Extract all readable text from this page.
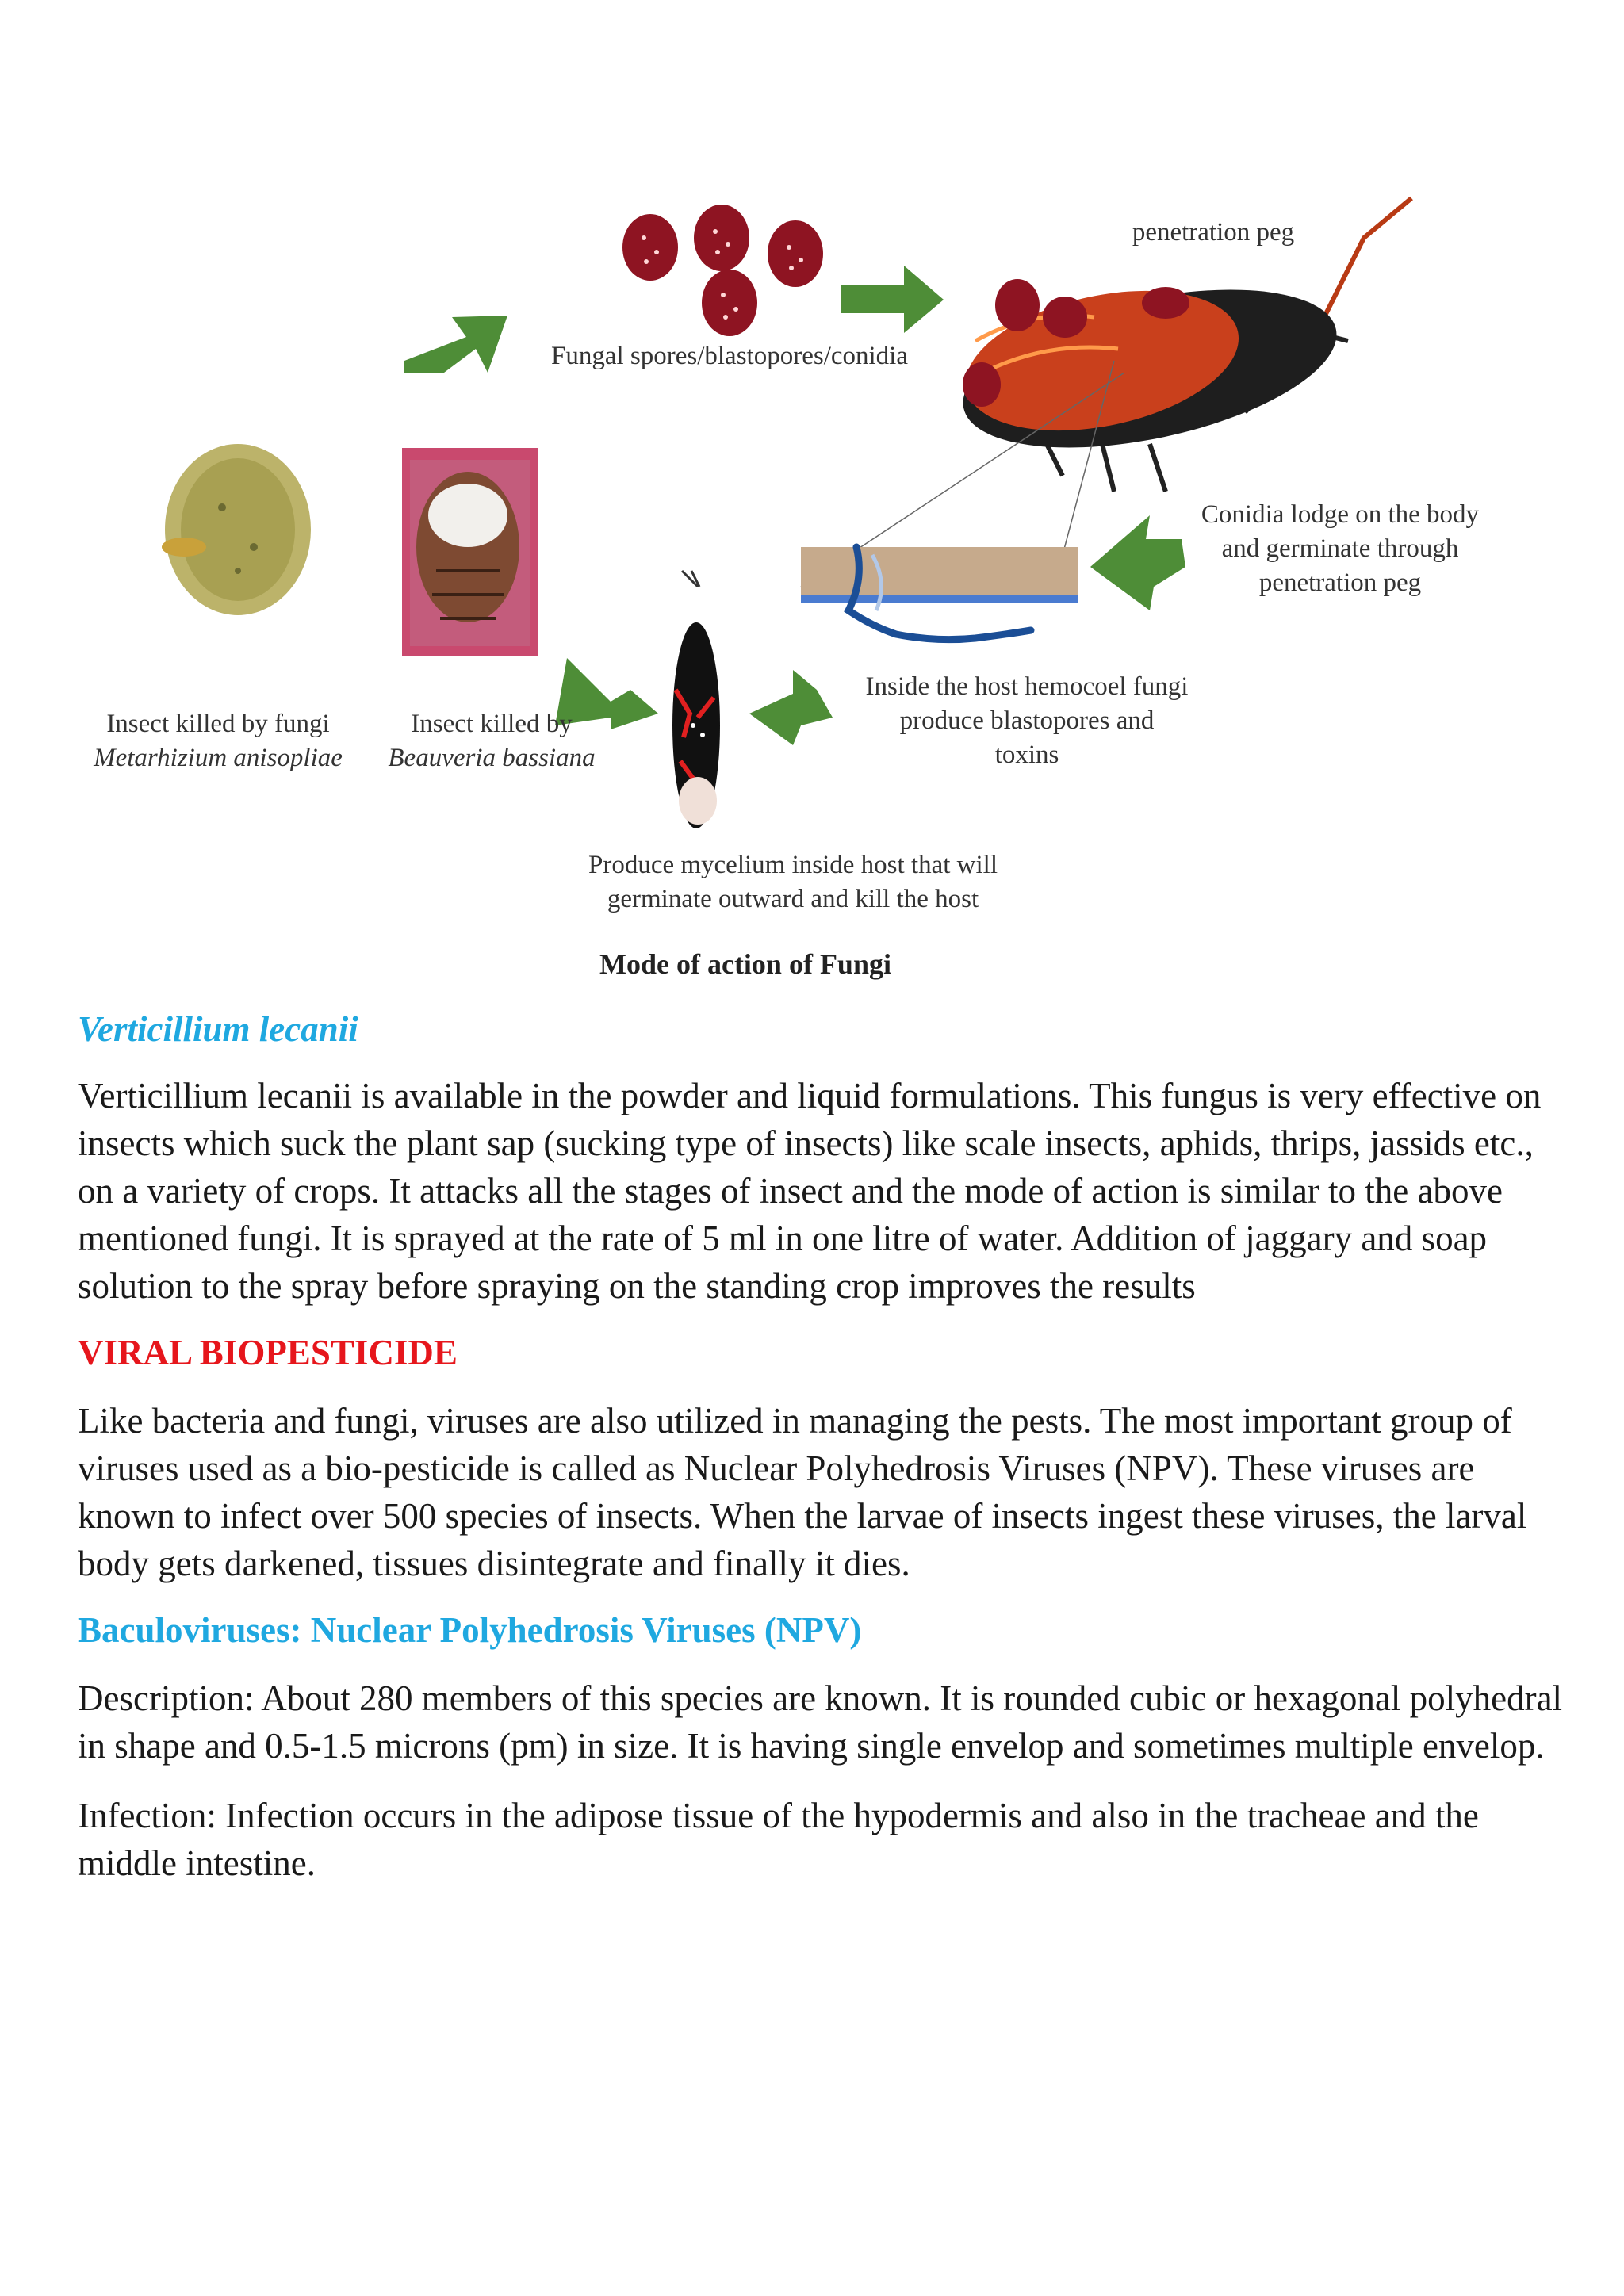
Fungal spores/blastopores/conidia
penetration peg
Conidia lodge on the body
and germinate through
penetration peg
Inside the host hemocoel fungi
produce blastopores and
toxins
Produce mycelium inside host that will
germinate outward and kill the host
Insect killed by fungi
Metarhizium anisopliae
Insect killed by
Beauveria bassiana
Mode of action of Fungi
Verticillium lecanii

Verticillium lecanii is available in the powder and liquid formulations. This fungus is very effective on insects which suck the plant sap (sucking type of insects) like scale insects, aphids, thrips, jassids etc., on a variety of crops. It attacks all the stages of insect and the mode of action is similar to the above mentioned fungi. It is sprayed at the rate of 5 ml in one litre of water. Addition of jaggary and soap solution to the spray before spraying on the standing crop improves the results

VIRAL BIOPESTICIDE

Like bacteria and fungi, viruses are also utilized in managing the pests. The most important group of viruses used as a bio-pesticide is called as Nuclear Polyhedrosis Viruses (NPV). These viruses are known to infect over 500 species of insects. When the larvae of insects ingest these viruses, the larval body gets darkened, tissues disintegrate and finally it dies.

Baculoviruses: Nuclear Polyhedrosis Viruses (NPV)

Description: About 280 members of this species are known. It is rounded cubic or hexagonal polyhedral in shape and 0.5-1.5 microns (pm) in size. It is having single envelop and sometimes multiple envelop.

Infection: Infection occurs in the adipose tissue of the hypodermis and also in the tracheae and the middle intestine.
